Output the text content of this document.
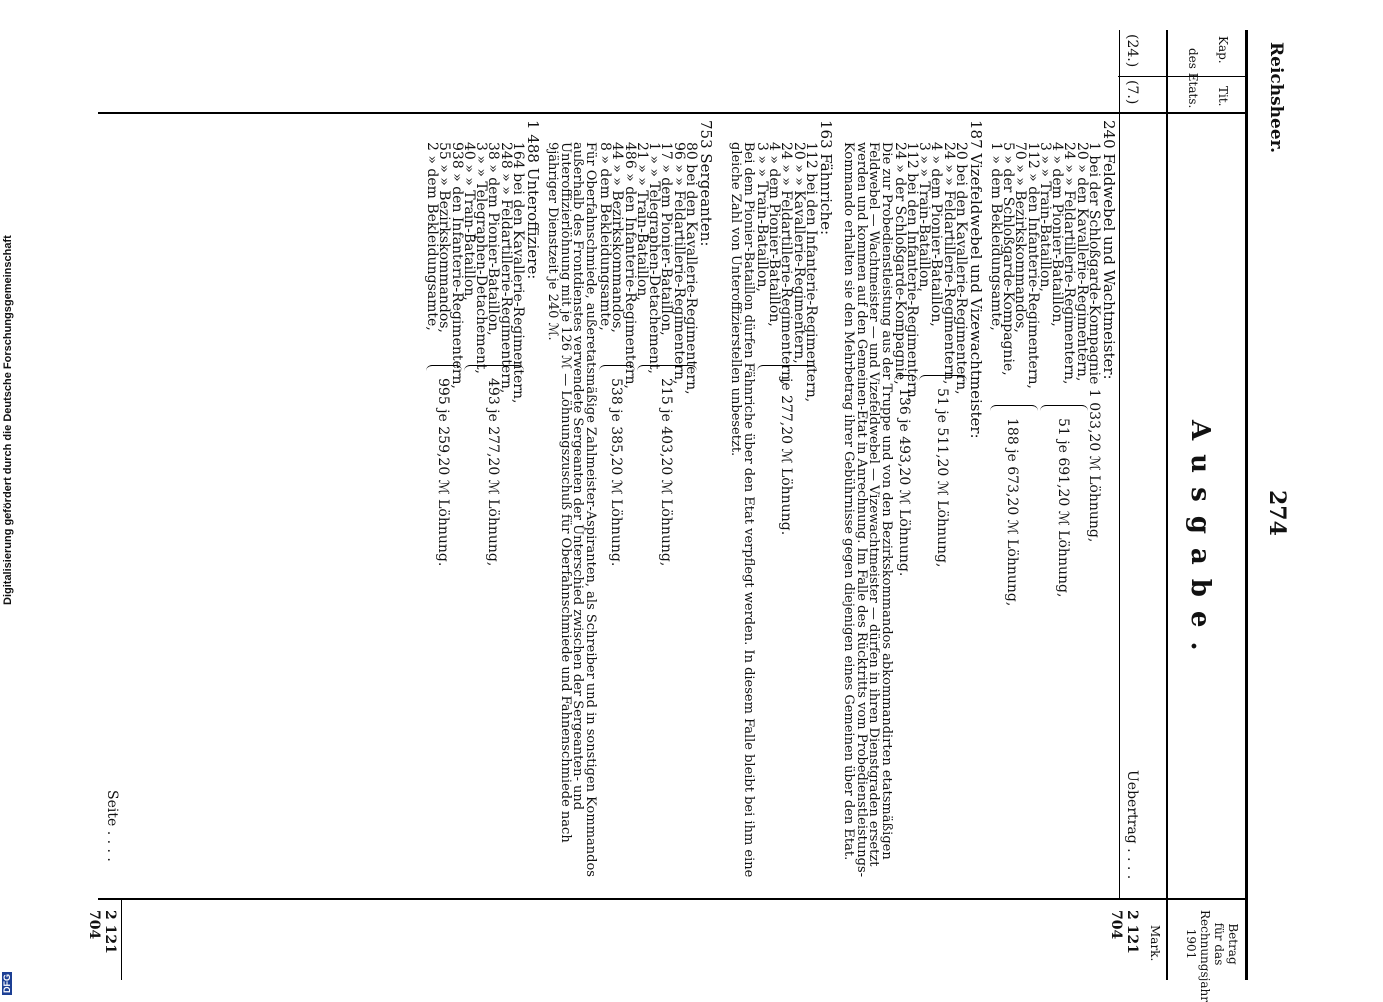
Digitalisierung gefördert durch die Deutsche Forschungsgemeinschaft
DFG
Reichsheer.
274
Kap.
Tit.
des Etats.
Betrag
für das
Rechnungsjahr
1901
Mark.
Ausgabe.
(24.)
(7.)
Uebertrag . . . .
2 121 704
240 Feldwebel und Wachtmeister:
1 bei der Schloßgarde-Kompagnie 1 033,20 ℳ Löhnung,
20 » den Kavallerie-Regimentern,
24 » » Feldartillerie-Regimentern,
4 » dem Pionier-Bataillon,
3 » » Train-Bataillon,
112 » den Infanterie-Regimentern,
70 » » Bezirkskommandos,
5 » der Schloßgarde-Kompagnie,
1 » dem Bekleidungsamte,
51 je 691,20 ℳ Löhnung,
188 je 673,20 ℳ Löhnung,
187 Vizefeldwebel und Vizewachtmeister:
20 bei den Kavallerie-Regimentern,
24 » » Feldartillerie-Regimentern,
4 » dem Pionier-Bataillon,
3 » » Train-Bataillon,
112 bei den Infanterie-Regimentern,
24 » der Schloßgarde-Kompagnie,
51 je 511,20 ℳ Löhnung,
136 je 493,20 ℳ Löhnung.
Die zur Probedienstleistung aus der Truppe und von den Bezirkskommandos abkommandirten etatsmäßigen Feldwebel — Wachtmeister — und Vizefeldwebel — Vizewachtmeister — dürfen in ihren Dienstgraden ersetzt werden und kommen auf den Gemeinen-Etat in Anrechnung. Im Falle des Rücktritts vom Probedienstleistungs-Kommando erhalten sie den Mehrbetrag ihrer Gebührnisse gegen diejenigen eines Gemeinen über den Etat.
163 Fähnriche:
112 bei den Infanterie-Regimentern,
20 » » Kavallerie-Regimentern,
24 » » Feldartillerie-Regimentern,
4 » dem Pionier-Bataillon,
3 » » Train-Bataillon,
je 277,20 ℳ Löhnung.
Bei dem Pionier-Bataillon dürfen Fähnriche über den Etat verpflegt werden. In diesem Falle bleibt bei ihm eine gleiche Zahl von Unteroffizierstellen unbesetzt.
753 Sergeanten:
80 bei den Kavallerie-Regimentern,
96 » » Feldartillerie-Regimentern,
17 » dem Pionier-Bataillon,
1 » » Telegraphen-Detachement,
21 » » Train-Bataillon,
486 » den Infanterie-Regimentern,
44 » » Bezirkskommandos,
8 » dem Bekleidungsamte,
215 je 403,20 ℳ Löhnung,
538 je 385,20 ℳ Löhnung.
Für Oberfahnschmiede, außeretatsmäßige Zahlmeister-Aspiranten, als Schreiber und in sonstigen Kommandos außerhalb des Frontdienstes verwendete Sergeanten der Unterschied zwischen der Sergeanten- und Unteroffizierlöhnung mit je 126 ℳ — Löhnungszuschuß für Oberfahnschmiede und Fahnenschmiede nach 9jähriger Dienstzeit je 240 ℳ.
1 488 Unteroffiziere:
164 bei den Kavallerie-Regimentern,
248 » » Feldartillerie-Regimentern,
38 » dem Pionier-Bataillon,
3 » » Telegraphen-Detachement,
40 » » Train-Bataillon,
938 » den Infanterie-Regimentern,
55 » » Bezirkskommandos,
2 » dem Bekleidungsamte,
493 je 277,20 ℳ Löhnung,
995 je 259,20 ℳ Löhnung.
Seite . . . .
2 121 704
